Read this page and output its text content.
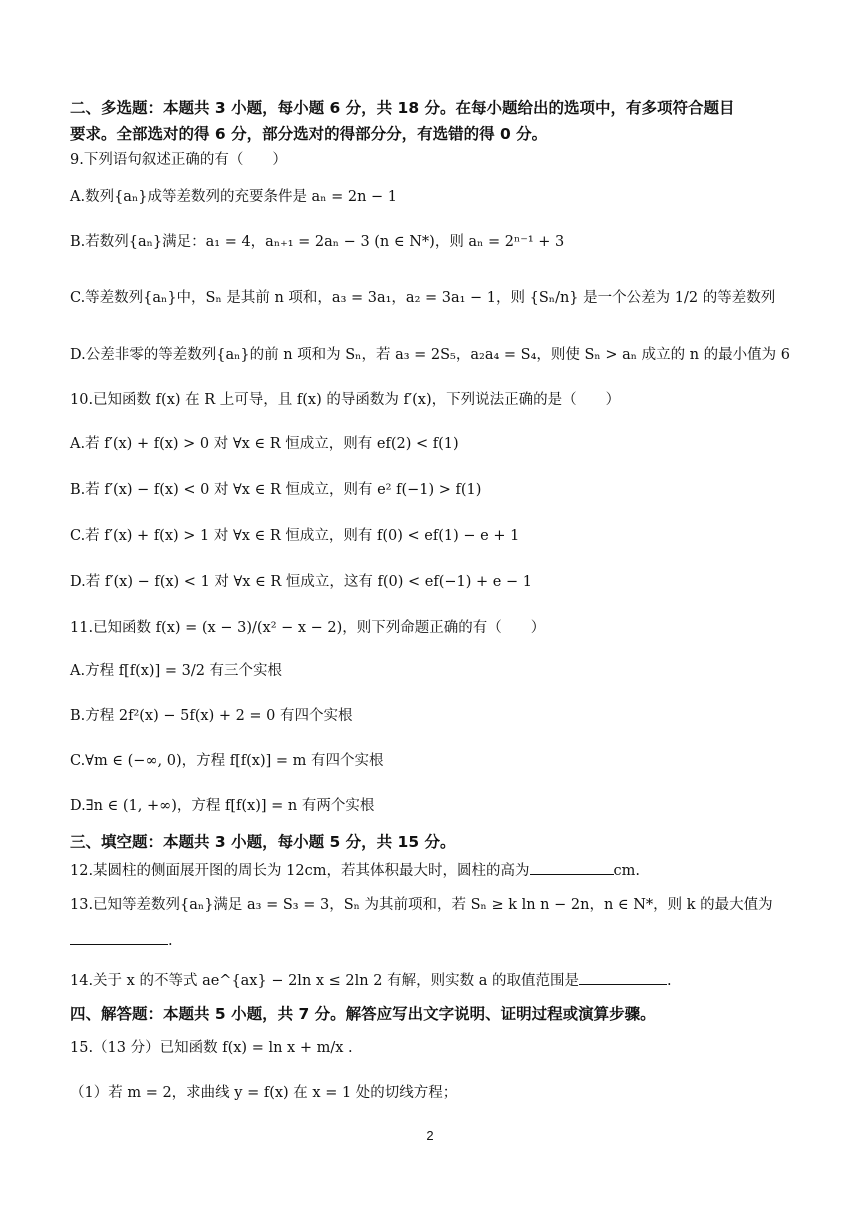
二、多选题：本题共 3 小题，每小题 6 分，共 18 分。在每小题给出的选项中，有多项符合题目
要求。全部选对的得 6 分，部分选对的得部分分，有选错的得 0 分。
9.下列语句叙述正确的有（　　）
A.数列{aₙ}成等差数列的充要条件是 aₙ = 2n − 1
B.若数列{aₙ}满足：a₁ = 4，aₙ₊₁ = 2aₙ − 3 (n ∈ N*)，则 aₙ = 2ⁿ⁻¹ + 3
C.等差数列{aₙ}中，Sₙ 是其前 n 项和，a₃ = 3a₁，a₂ = 3a₁ − 1，则 {Sₙ/n} 是一个公差为 1/2 的等差数列
D.公差非零的等差数列{aₙ}的前 n 项和为 Sₙ，若 a₃ = 2S₅，a₂a₄ = S₄，则使 Sₙ > aₙ 成立的 n 的最小值为 6
10.已知函数 f(x) 在 R 上可导，且 f(x) 的导函数为 f′(x)，下列说法正确的是（　　）
A.若 f′(x) + f(x) > 0 对 ∀x ∈ R 恒成立，则有 ef(2) < f(1)
B.若 f′(x) − f(x) < 0 对 ∀x ∈ R 恒成立，则有 e² f(−1) > f(1)
C.若 f′(x) + f(x) > 1 对 ∀x ∈ R 恒成立，则有 f(0) < ef(1) − e + 1
D.若 f′(x) − f(x) < 1 对 ∀x ∈ R 恒成立，这有 f(0) < ef(−1) + e − 1
11.已知函数 f(x) = (x − 3)/(x² − x − 2)，则下列命题正确的有（　　）
A.方程 f[f(x)] = 3/2 有三个实根
B.方程 2f²(x) − 5f(x) + 2 = 0 有四个实根
C.∀m ∈ (−∞, 0)，方程 f[f(x)] = m 有四个实根
D.∃n ∈ (1, +∞)，方程 f[f(x)] = n 有两个实根
三、填空题：本题共 3 小题，每小题 5 分，共 15 分。
12.某圆柱的侧面展开图的周长为 12cm，若其体积最大时，圆柱的高为	cm.
13.已知等差数列{aₙ}满足 a₃ = S₃ = 3，Sₙ 为其前项和，若 Sₙ ≥ k ln n − 2n，n ∈ N*，则 k 的最大值为
.
14.关于 x 的不等式 ae^{ax} − 2ln x ≤ 2ln 2 有解，则实数 a 的取值范围是	.
四、解答题：本题共 5 小题，共 7 分。解答应写出文字说明、证明过程或演算步骤。
15.（13 分）已知函数 f(x) = ln x + m/x .
（1）若 m = 2，求曲线 y = f(x) 在 x = 1 处的切线方程；
2
